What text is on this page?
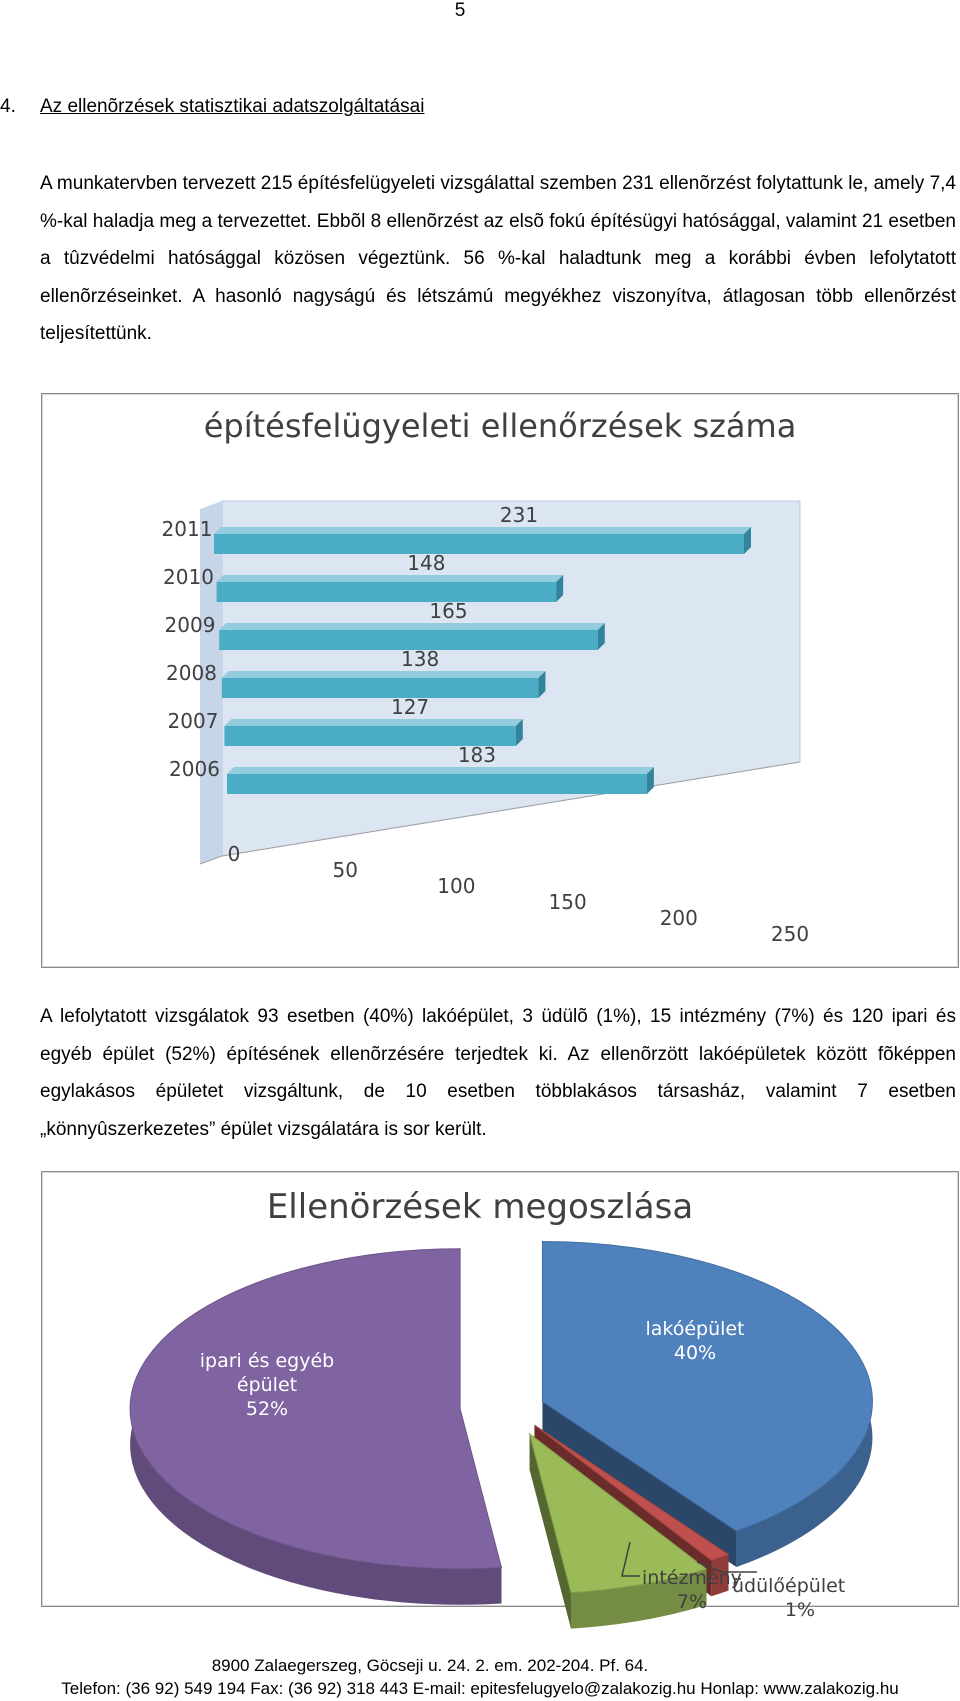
5
4. Az ellenõrzések statisztikai adatszolgáltatásai

A munkatervben tervezett 215 építésfelügyeleti vizsgálattal szemben 231 ellenõrzést folytattunk le, amely 7,4 %-kal haladja meg a tervezettet. Ebbõl 8 ellenõrzést az elsõ fokú építésügyi hatósággal, valamint 21 esetben a tûzvédelmi hatósággal közösen végeztünk. 56 %-kal haladtunk meg a korábbi évben lefolytatott ellenõrzéseinket. A hasonló nagyságú és létszámú megyékhez viszonyítva, átlagosan több ellenõrzést teljesítettünk.

építésfelügyeleti ellenőrzések száma
2011
231
2010
148
2009
165
2008
138
2007
127
2006
183
0
50
100
150
200
250

A lefolytatott vizsgálatok 93 esetben (40%) lakóépület, 3 üdülõ (1%), 15 intézmény (7%) és 120 ipari és egyéb épület (52%) építésének ellenõrzésére terjedtek ki. Az ellenõrzött lakóépületek között fõképpen egylakásos épületet vizsgáltunk, de 10 esetben többlakásos társasház, valamint 7 esetben „könnyûszerkezetes” épület vizsgálatára is sor került.

Ellenörzések megoszlása
lakóépület
40%
ipari és egyéb
épület
52%
üdülőépület
1%
intézmény
7%
8900 Zalaegerszeg, Göcseji u. 24. 2. em. 202-204. Pf. 64.
Telefon: (36 92) 549 194 Fax: (36 92) 318 443 E-mail: epitesfelugyelo@zalakozig.hu Honlap: www.zalakozig.hu
